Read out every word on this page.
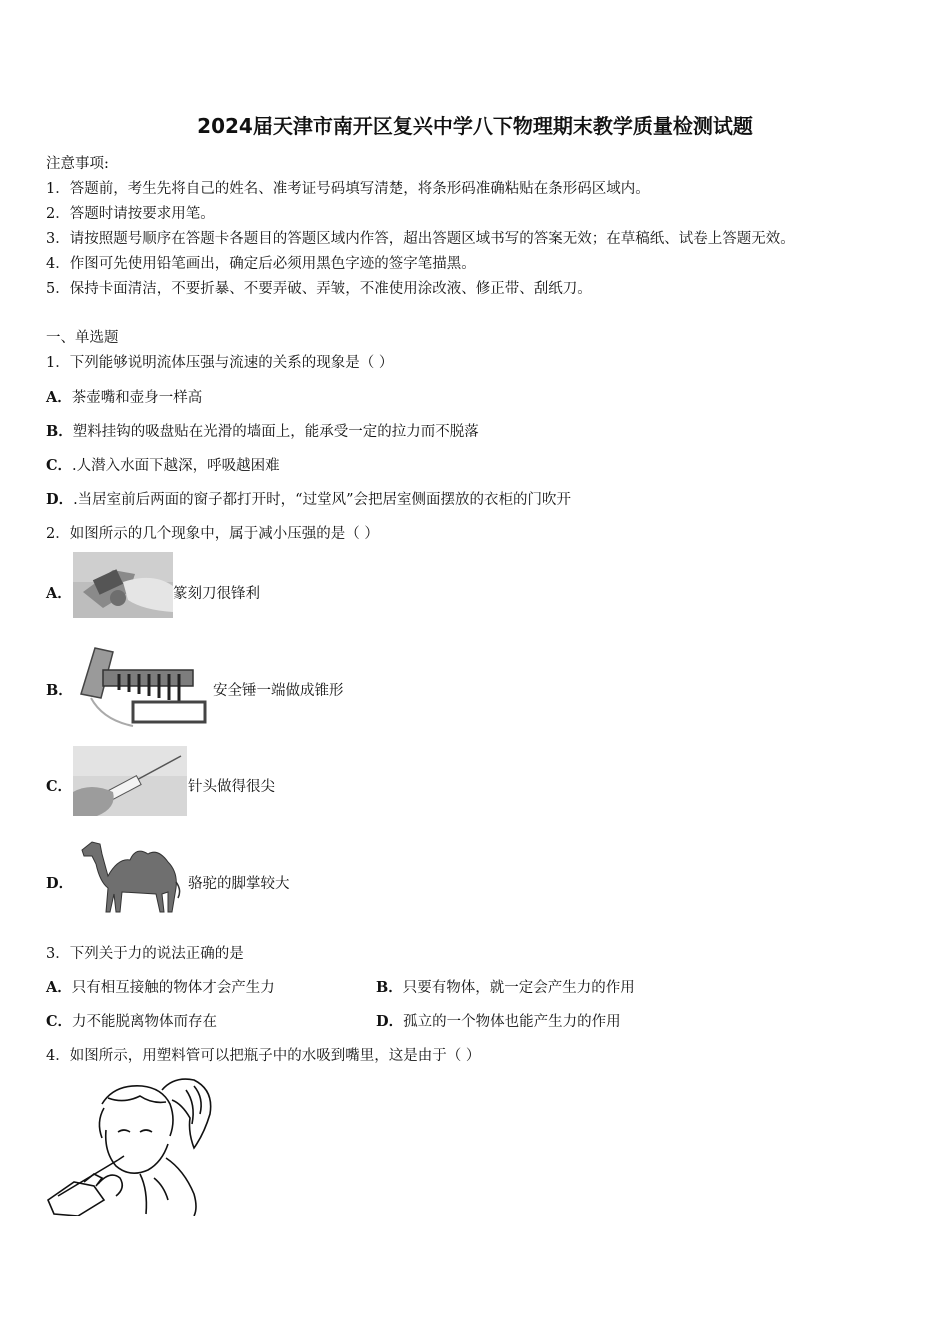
2024届天津市南开区复兴中学八下物理期末教学质量检测试题
注意事项:
1．答题前，考生先将自己的姓名、准考证号码填写清楚，将条形码准确粘贴在条形码区域内。
2．答题时请按要求用笔。
3．请按照题号顺序在答题卡各题目的答题区域内作答，超出答题区域书写的答案无效；在草稿纸、试卷上答题无效。
4．作图可先使用铅笔画出，确定后必须用黑色字迹的签字笔描黑。
5．保持卡面清洁，不要折暴、不要弄破、弄皱，不准使用涂改液、修正带、刮纸刀。
一、单选题
1．下列能够说明流体压强与流速的关系的现象是（ ）
A．茶壶嘴和壶身一样高
B．塑料挂钩的吸盘贴在光滑的墙面上，能承受一定的拉力而不脱落
C．.人潜入水面下越深，呼吸越困难
D．.当居室前后两面的窗子都打开时，“过堂风”会把居室侧面摆放的衣柜的门吹开
2．如图所示的几个现象中，属于减小压强的是（ ）
A．	篆刻刀很锋利
B．	安全锤一端做成锥形
C．	针头做得很尖
D．	骆驼的脚掌较大
3．下列关于力的说法正确的是
A．只有相互接触的物体才会产生力	B．只要有物体，就一定会产生力的作用
C．力不能脱离物体而存在	D．孤立的一个物体也能产生力的作用
4．如图所示，用塑料管可以把瓶子中的水吸到嘴里，这是由于（ ）
